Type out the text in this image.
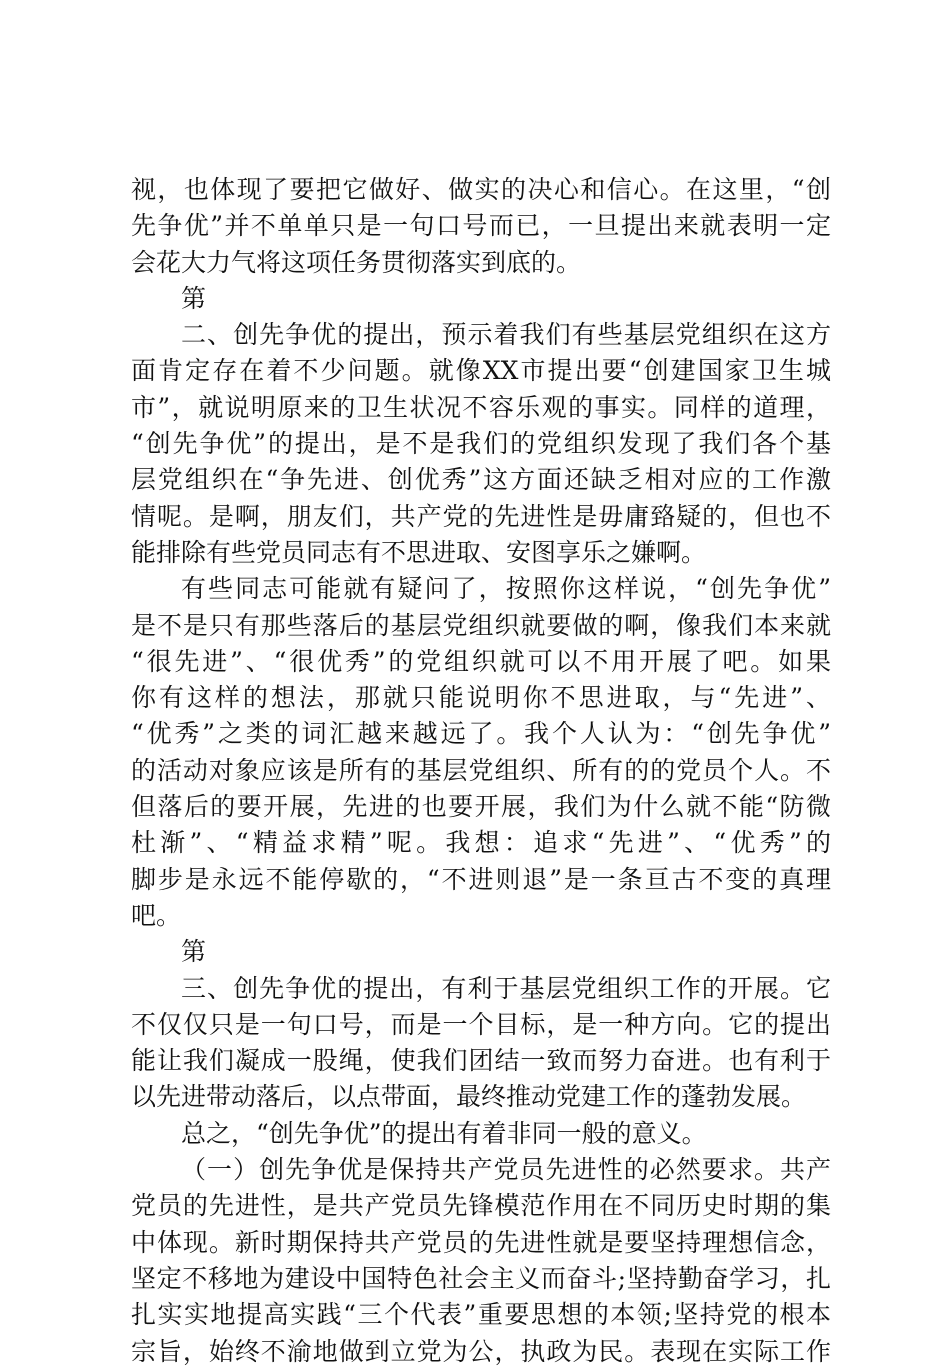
视，也体现了要把它做好、做实的决心和信心。在这里，“创
先争优”并不单单只是一句口号而已，一旦提出来就表明一定
会花大力气将这项任务贯彻落实到底的。
第
二、创先争优的提出，预示着我们有些基层党组织在这方
面肯定存在着不少问题。就像XX市提出要“创建国家卫生城
市”，就说明原来的卫生状况不容乐观的事实。同样的道理，
“创先争优”的提出，是不是我们的党组织发现了我们各个基
层党组织在“争先进、创优秀”这方面还缺乏相对应的工作激
情呢。是啊，朋友们，共产党的先进性是毋庸臵疑的，但也不
能排除有些党员同志有不思进取、安图享乐之嫌啊。
有些同志可能就有疑问了，按照你这样说，“创先争优”
是不是只有那些落后的基层党组织就要做的啊，像我们本来就
“很先进”、“很优秀”的党组织就可以不用开展了吧。如果
你有这样的想法，那就只能说明你不思进取，与“先进”、
“优秀”之类的词汇越来越远了。我个人认为：“创先争优”
的活动对象应该是所有的基层党组织、所有的的党员个人。不
但落后的要开展，先进的也要开展，我们为什么就不能“防微
杜渐”、“精益求精”呢。我想：追求“先进”、“优秀”的
脚步是永远不能停歇的，“不进则退”是一条亘古不变的真理
吧。
第
三、创先争优的提出，有利于基层党组织工作的开展。它
不仅仅只是一句口号，而是一个目标，是一种方向。它的提出
能让我们凝成一股绳，使我们团结一致而努力奋进。也有利于
以先进带动落后，以点带面，最终推动党建工作的蓬勃发展。
总之，“创先争优”的提出有着非同一般的意义。
（一）创先争优是保持共产党员先进性的必然要求。共产
党员的先进性，是共产党员先锋模范作用在不同历史时期的集
中体现。新时期保持共产党员的先进性就是要坚持理想信念，
坚定不移地为建设中国特色社会主义而奋斗;坚持勤奋学习，扎
扎实实地提高实践“三个代表”重要思想的本领;坚持党的根本
宗旨，始终不渝地做到立党为公，执政为民。表现在实际工作
